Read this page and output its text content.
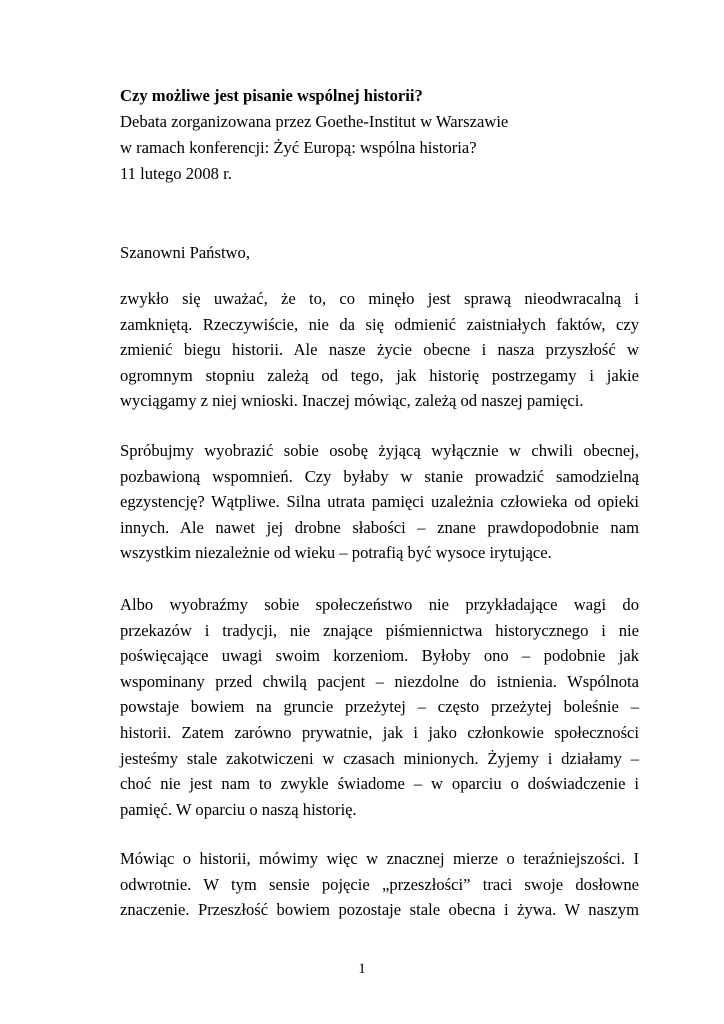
Czy możliwe jest pisanie wspólnej historii?
Debata zorganizowana przez Goethe-Institut w Warszawie
w ramach konferencji: Żyć Europą: wspólna historia?
11 lutego 2008 r.
Szanowni Państwo,
zwykło się uważać, że to, co minęło jest sprawą nieodwracalną i
zamkniętą. Rzeczywiście, nie da się odmienić zaistniałych faktów, czy
zmienić biegu historii. Ale nasze życie obecne i nasza przyszłość w
ogromnym stopniu zależą od tego, jak historię postrzegamy i jakie
wyciągamy z niej wnioski. Inaczej mówiąc, zależą od naszej pamięci.
Spróbujmy wyobrazić sobie osobę żyjącą wyłącznie w chwili obecnej,
pozbawioną wspomnień. Czy byłaby w stanie prowadzić samodzielną
egzystencję? Wątpliwe. Silna utrata pamięci uzależnia człowieka od opieki
innych. Ale nawet jej drobne słabości – znane prawdopodobnie nam
wszystkim niezależnie od wieku – potrafią być wysoce irytujące.
Albo wyobraźmy sobie społeczeństwo nie przykładające wagi do
przekazów i tradycji, nie znające piśmiennictwa historycznego i nie
poświęcające uwagi swoim korzeniom. Byłoby ono – podobnie jak
wspominany przed chwilą pacjent – niezdolne do istnienia. Wspólnota
powstaje bowiem na gruncie przeżytej – często przeżytej boleśnie –
historii. Zatem zarówno prywatnie, jak i jako członkowie społeczności
jesteśmy stale zakotwiczeni w czasach minionych. Żyjemy i działamy –
choć nie jest nam to zwykle świadome – w oparciu o doświadczenie i
pamięć. W oparciu o naszą historię.
Mówiąc o historii, mówimy więc w znacznej mierze o teraźniejszości. I
odwrotnie. W tym sensie pojęcie „przeszłości” traci swoje dosłowne
znaczenie. Przeszłość bowiem pozostaje stale obecna i żywa. W naszym
1
